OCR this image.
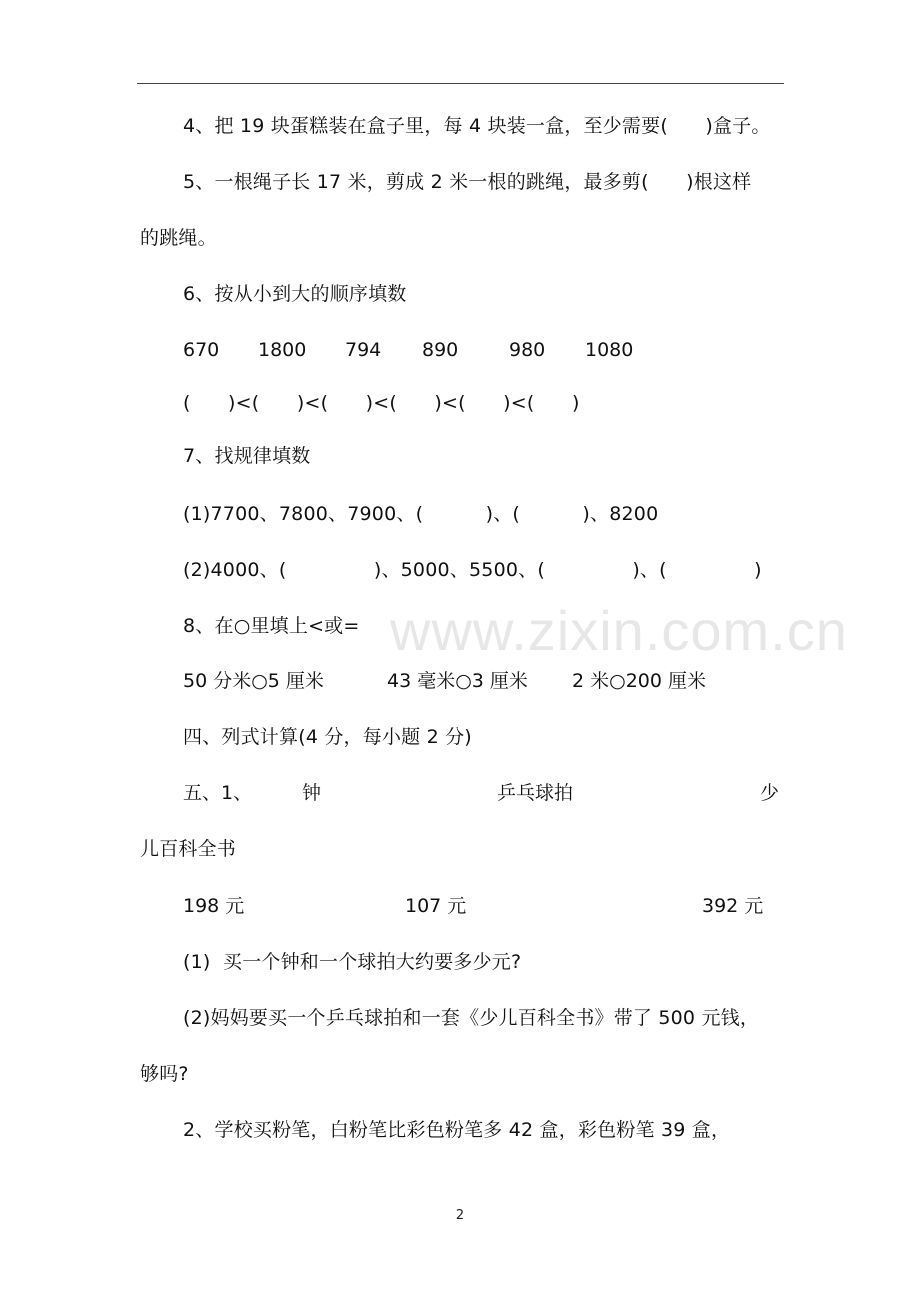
4、把 19 块蛋糕装在盒子里，每 4 块装一盒，至少需要(      )盒子。
5、一根绳子长 17 米，剪成 2 米一根的跳绳，最多剪(      )根这样
的跳绳。
6、按从小到大的顺序填数
670 1800 794 890	980 1080
(      )<(      )<(      )<(      )<(      )<(      )
7、找规律填数
(1)7700、7800、7900、(          )、(          )、8200
(2)4000、(              )、5000、5500、(              )、(              )
8、在○里填上<或=
50 分米○5 厘米	43 毫米○3 厘米 2 米○200 厘米
四、列式计算(4 分，每小题 2 分)
五、1、	钟	乒乓球拍	少
儿百科全书
198 元	107 元	392 元
(1)  买一个钟和一个球拍大约要多少元?
(2)妈妈要买一个乒乓球拍和一套《少儿百科全书》带了 500 元钱，
够吗?
2、学校买粉笔，白粉笔比彩色粉笔多 42 盒，彩色粉笔 39 盒，
www.zixin.com.cn
2
